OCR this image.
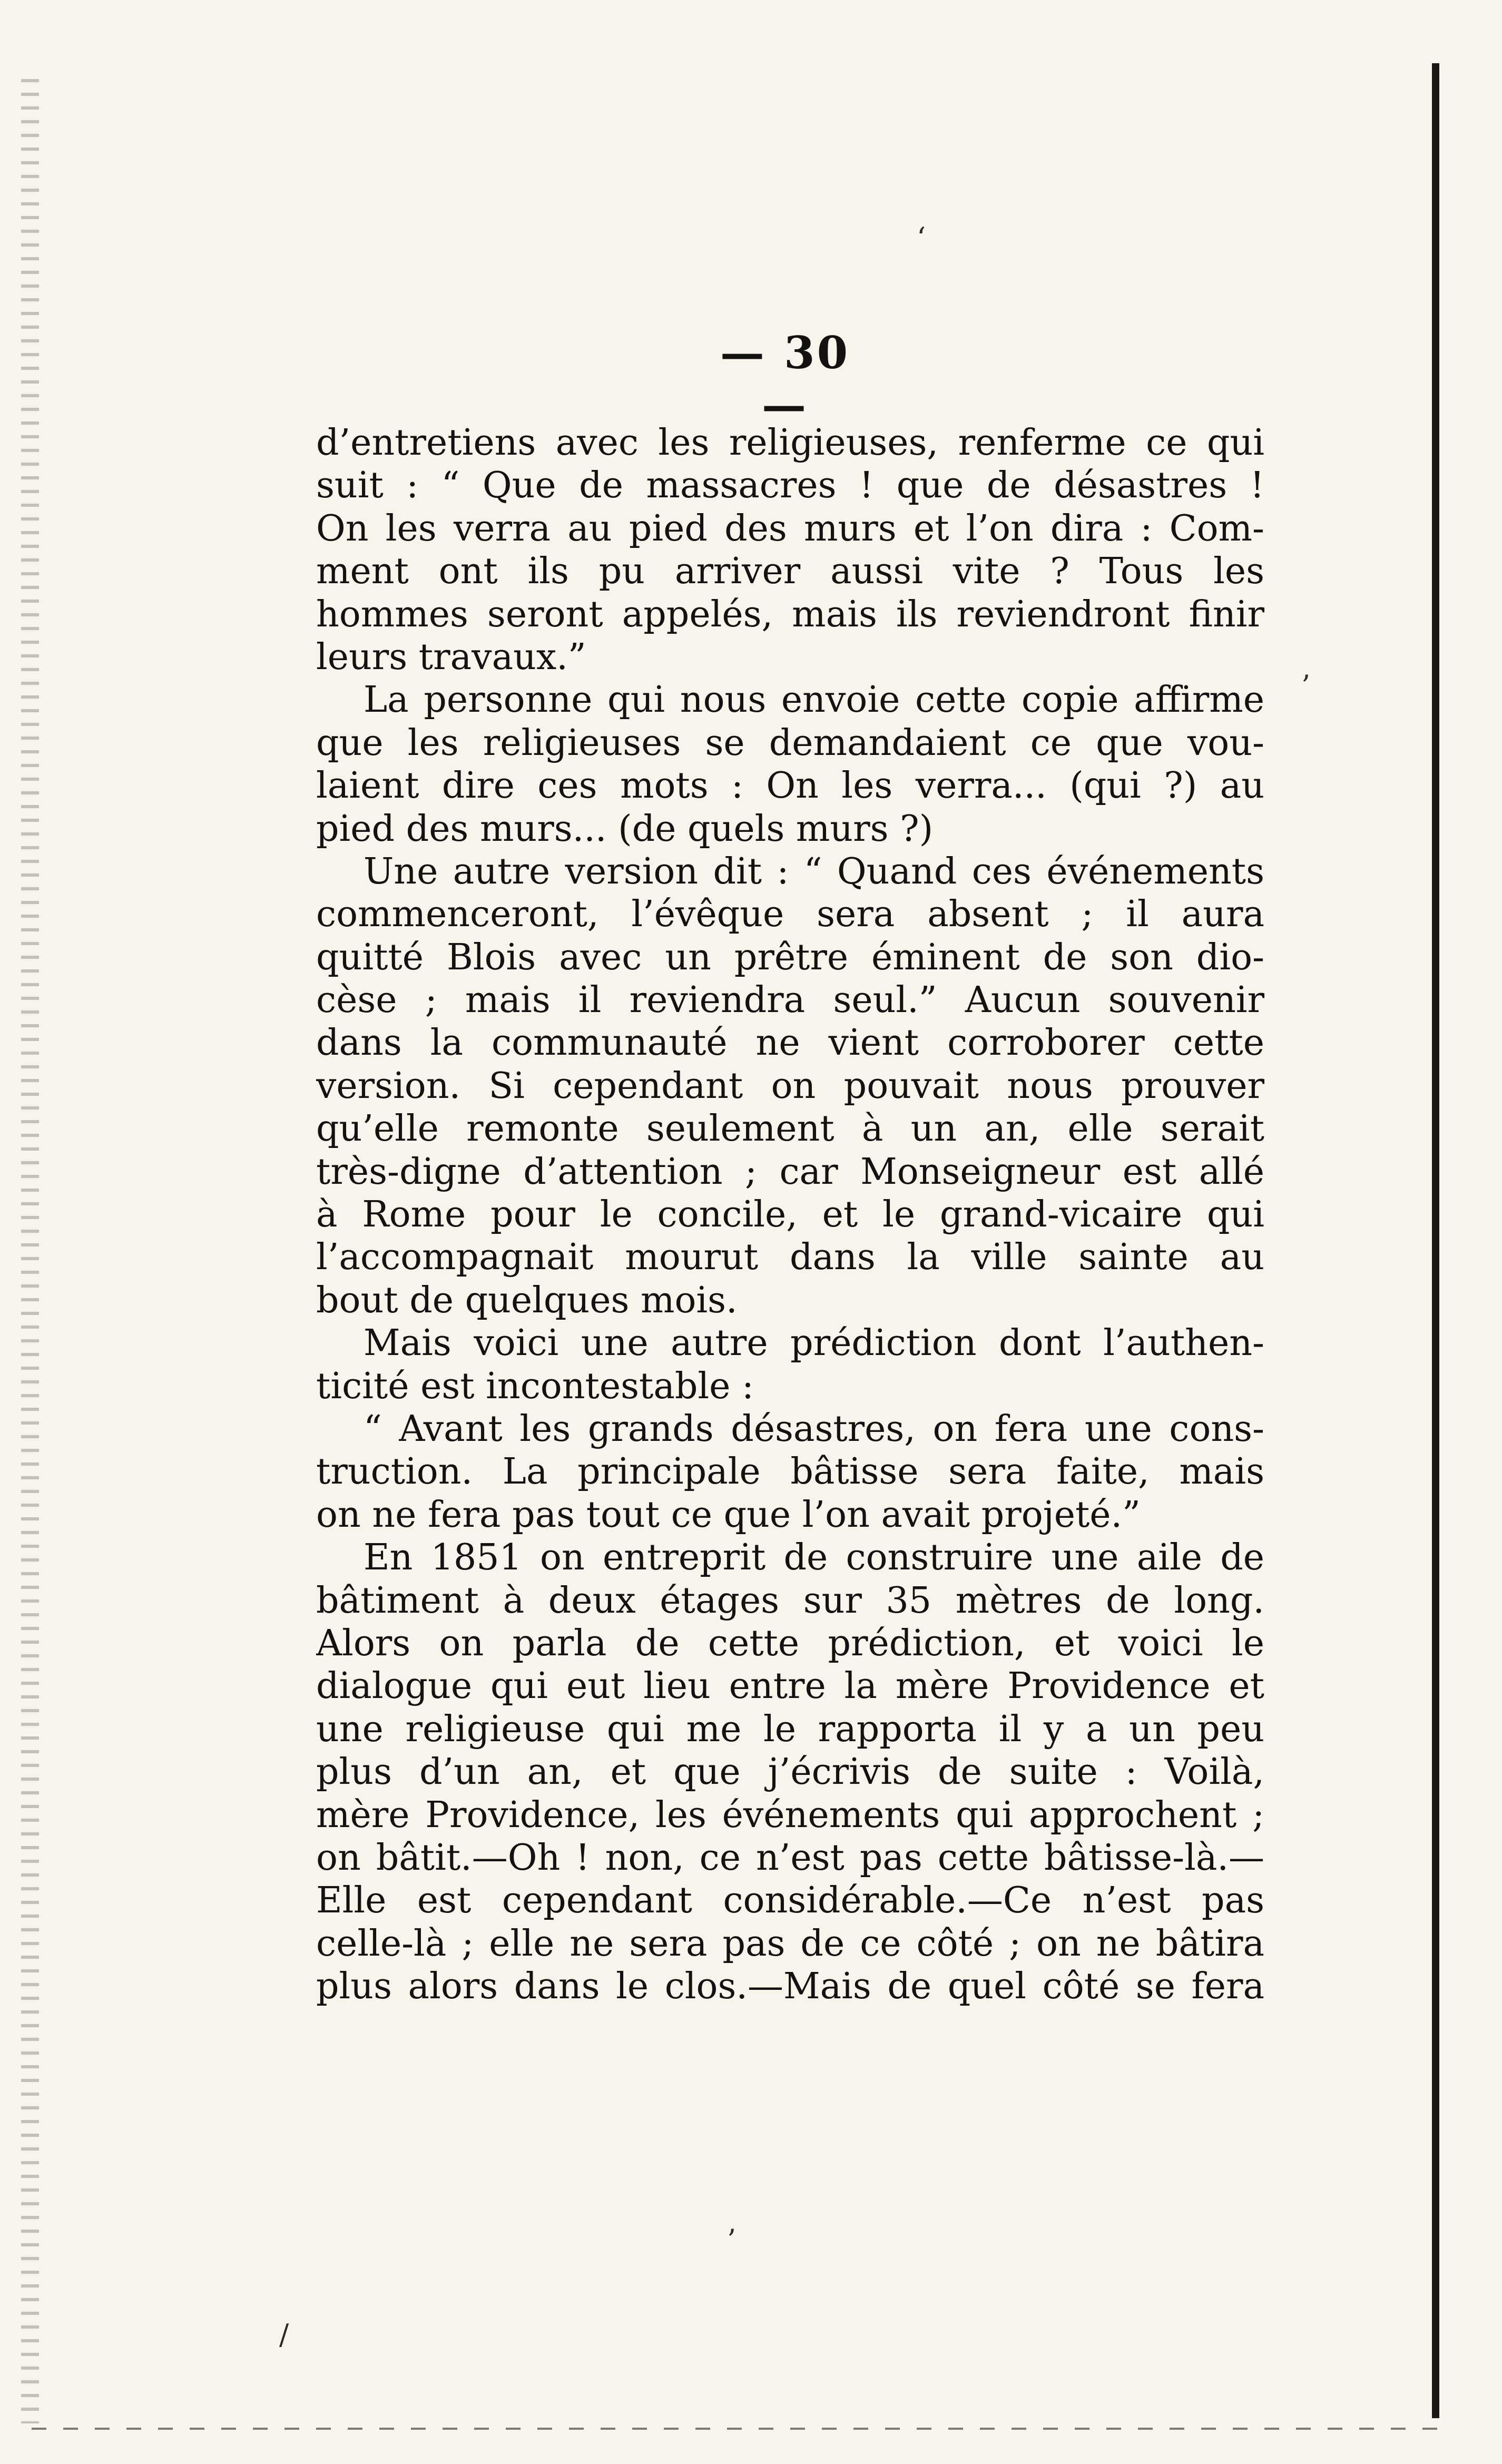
‘
’
’
/
— 30 —
d’entretiens avec les religieuses, renferme ce qui
suit : “ Que de massacres ! que de désastres !
On les verra au pied des murs et l’on dira : Com-
ment ont ils pu arriver aussi vite ? Tous les
hommes seront appelés, mais ils reviendront finir
leurs travaux.”
La personne qui nous envoie cette copie affirme
que les religieuses se demandaient ce que vou-
laient dire ces mots : On les verra... (qui ?) au
pied des murs... (de quels murs ?)
Une autre version dit : “ Quand ces événements
commenceront, l’évêque sera absent ; il aura
quitté Blois avec un prêtre éminent de son dio-
cèse ; mais il reviendra seul.” Aucun souvenir
dans la communauté ne vient corroborer cette
version. Si cependant on pouvait nous prouver
qu’elle remonte seulement à un an, elle serait
très-digne d’attention ; car Monseigneur est allé
à Rome pour le concile, et le grand-vicaire qui
l’accompagnait mourut dans la ville sainte au
bout de quelques mois.
Mais voici une autre prédiction dont l’authen-
ticité est incontestable :
“ Avant les grands désastres, on fera une cons-
truction. La principale bâtisse sera faite, mais
on ne fera pas tout ce que l’on avait projeté.”
En 1851 on entreprit de construire une aile de
bâtiment à deux étages sur 35 mètres de long.
Alors on parla de cette prédiction, et voici le
dialogue qui eut lieu entre la mère Providence et
une religieuse qui me le rapporta il y a un peu
plus d’un an, et que j’écrivis de suite : Voilà,
mère Providence, les événements qui approchent ;
on bâtit.—Oh ! non, ce n’est pas cette bâtisse-là.—
Elle est cependant considérable.—Ce n’est pas
celle-là ; elle ne sera pas de ce côté ; on ne bâtira
plus alors dans le clos.—Mais de quel côté se fera
